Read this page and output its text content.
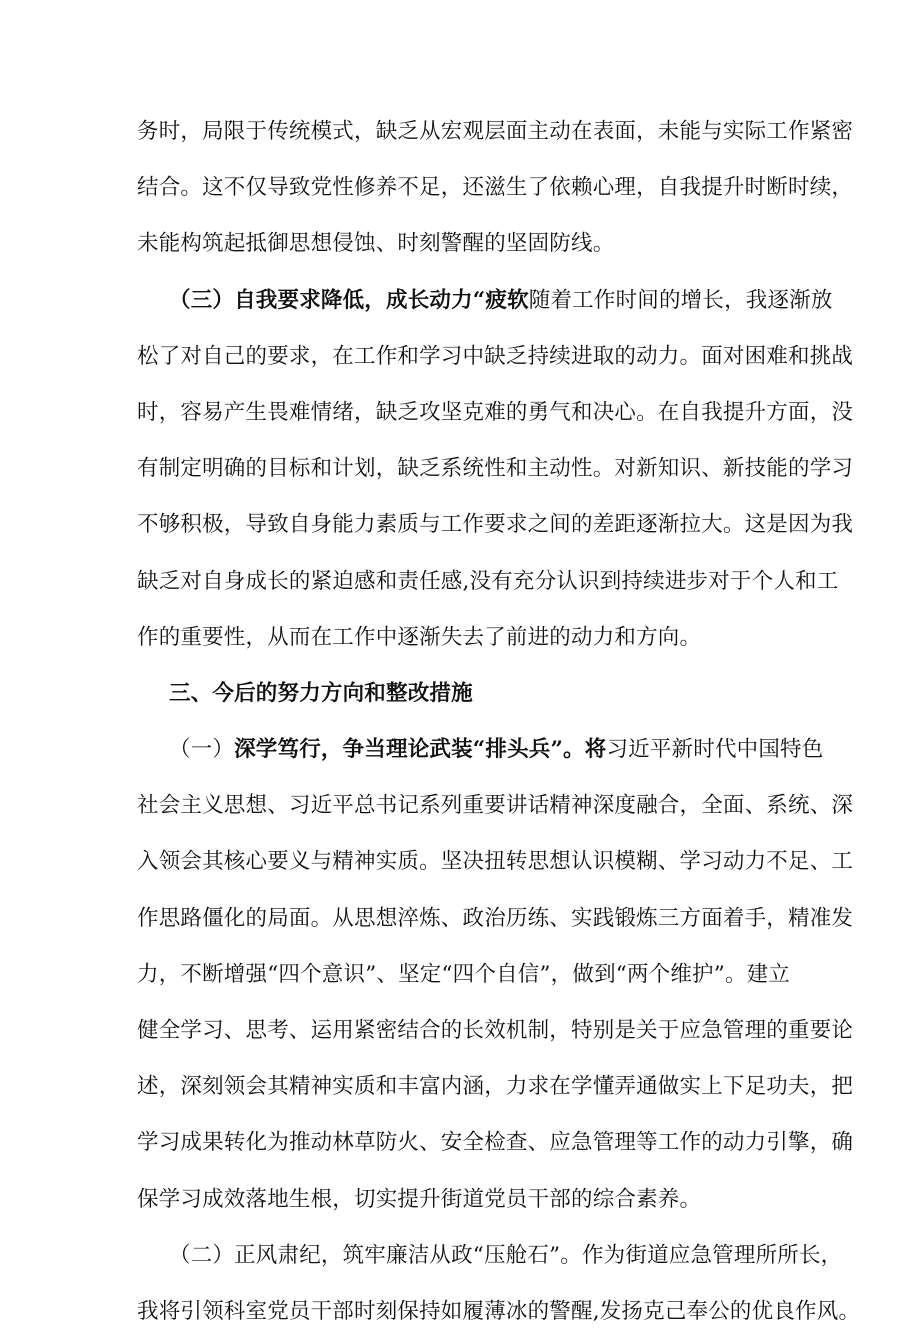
务时，局限于传统模式，缺乏从宏观层面主动在表面，未能与实际工作紧密
结合。这不仅导致党性修养不足，还滋生了依赖心理，自我提升时断时续，
未能构筑起抵御思想侵蚀、时刻警醒的坚固防线。
（三）自我要求降低，成长动力“疲软随着工作时间的增长，我逐渐放
松了对自己的要求，在工作和学习中缺乏持续进取的动力。面对困难和挑战
时，容易产生畏难情绪，缺乏攻坚克难的勇气和决心。在自我提升方面，没
有制定明确的目标和计划，缺乏系统性和主动性。对新知识、新技能的学习
不够积极，导致自身能力素质与工作要求之间的差距逐渐拉大。这是因为我
缺乏对自身成长的紧迫感和责任感,没有充分认识到持续进步对于个人和工
作的重要性，从而在工作中逐渐失去了前进的动力和方向。
三、今后的努力方向和整改措施
（一）深学笃行，争当理论武装“排头兵”。将习近平新时代中国特色
社会主义思想、习近平总书记系列重要讲话精神深度融合，全面、系统、深
入领会其核心要义与精神实质。坚决扭转思想认识模糊、学习动力不足、工
作思路僵化的局面。从思想淬炼、政治历练、实践锻炼三方面着手，精准发
力，不断增强“四个意识”、坚定“四个自信”，做到“两个维护”。建立
健全学习、思考、运用紧密结合的长效机制，特别是关于应急管理的重要论
述，深刻领会其精神实质和丰富内涵，力求在学懂弄通做实上下足功夫，把
学习成果转化为推动林草防火、安全检查、应急管理等工作的动力引擎，确
保学习成效落地生根，切实提升街道党员干部的综合素养。
（二）正风肃纪，筑牢廉洁从政“压舱石”。作为街道应急管理所所长，
我将引领科室党员干部时刻保持如履薄冰的警醒,发扬克己奉公的优良作风。
